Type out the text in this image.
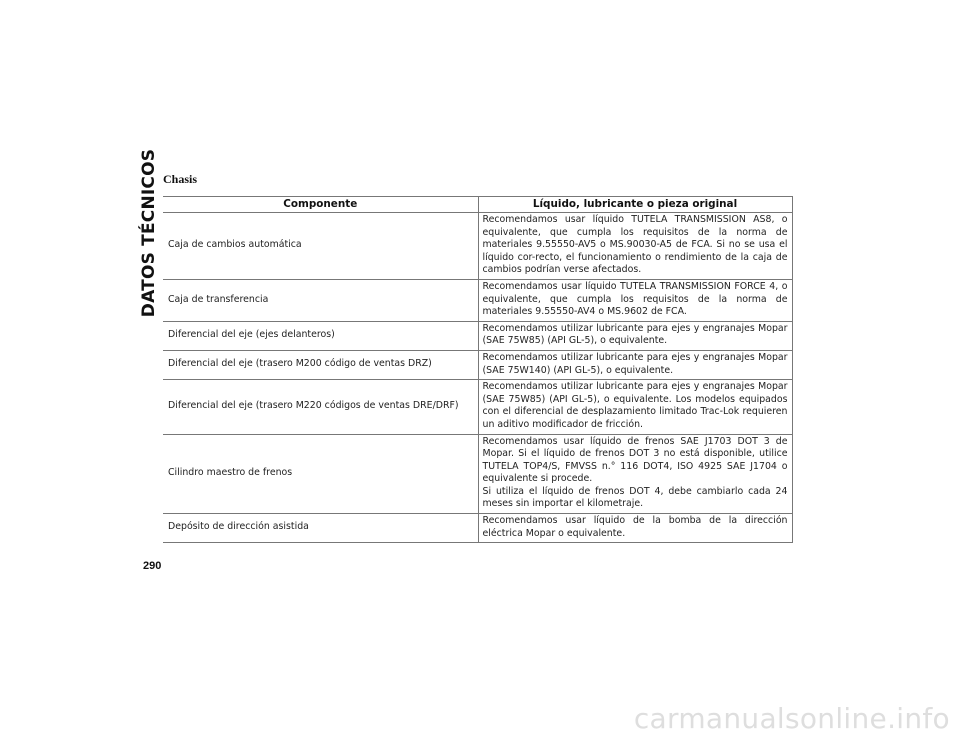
DATOS TÉCNICOS Chasis
Componente	Líquido, lubricante o pieza original
Caja de cambios automática	Recomendamos usar líquido TUTELA TRANSMISSION AS8, o equivalente, que cumpla los requisitos de la norma de materiales 9.55550-AV5 o MS.90030-A5 de FCA. Si no se usa el líquido cor-recto, el funcionamiento o rendimiento de la caja de cambios podrían verse afectados.
Caja de transferencia	Recomendamos usar líquido TUTELA TRANSMISSION FORCE 4, o equivalente, que cumpla los requisitos de la norma de materiales 9.55550-AV4 o MS.9602 de FCA.
Diferencial del eje (ejes delanteros)	Recomendamos utilizar lubricante para ejes y engranajes Mopar (SAE 75W85) (API GL-5), o equivalente.
Diferencial del eje (trasero M200 código de ventas DRZ)	Recomendamos utilizar lubricante para ejes y engranajes Mopar (SAE 75W140) (API GL-5), o equivalente.
Diferencial del eje (trasero M220 códigos de ventas DRE/DRF)	Recomendamos utilizar lubricante para ejes y engranajes Mopar (SAE 75W85) (API GL-5), o equivalente. Los modelos equipados con el diferencial de desplazamiento limitado Trac-Lok requieren un aditivo modificador de fricción.
Cilindro maestro de frenos	Recomendamos usar líquido de frenos SAE J1703 DOT 3 de Mopar. Si el líquido de frenos DOT 3 no está disponible, utilice TUTELA TOP4/S, FMVSS n.° 116 DOT4, ISO 4925 SAE J1704 o equivalente si procede.
Si utiliza el líquido de frenos DOT 4, debe cambiarlo cada 24 meses sin importar el kilometraje.
Depósito de dirección asistida	Recomendamos usar líquido de la bomba de la dirección eléctrica Mopar o equivalente.
290
carmanualsonline.info
